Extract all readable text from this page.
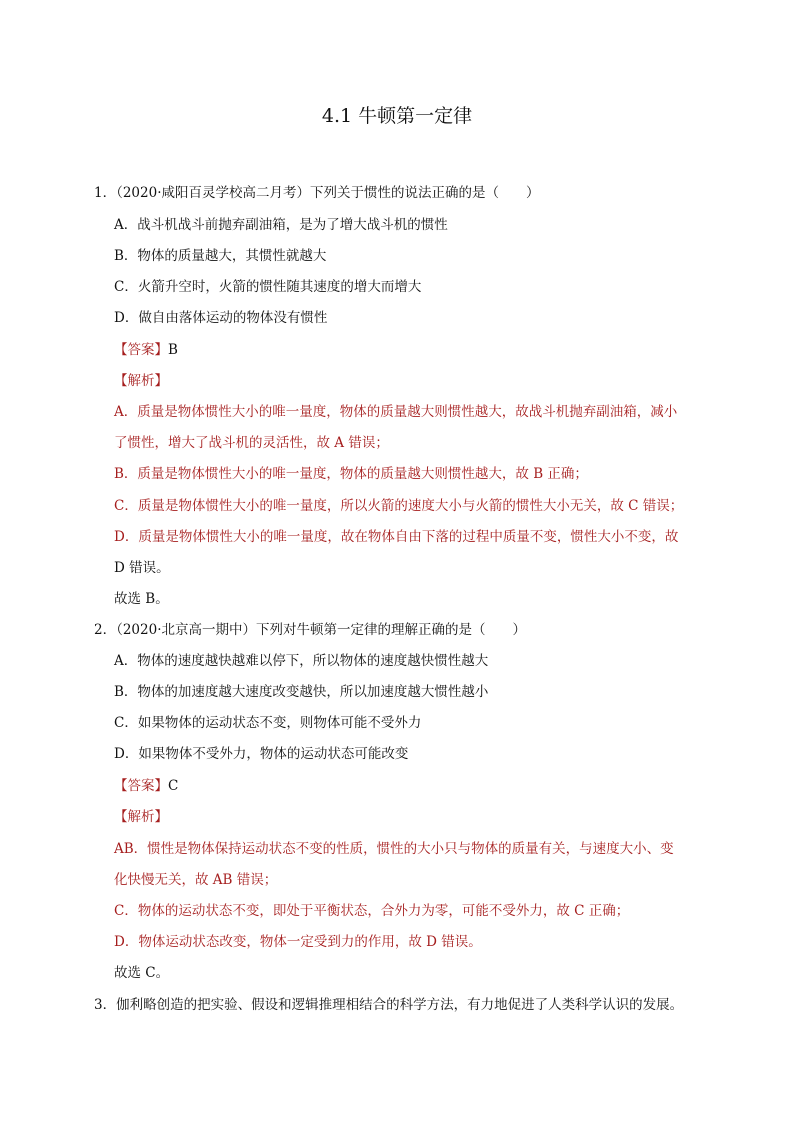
4.1 牛顿第一定律
1．（2020·咸阳百灵学校高二月考）下列关于惯性的说法正确的是（　　）
A．战斗机战斗前抛弃副油箱，是为了增大战斗机的惯性
B．物体的质量越大，其惯性就越大
C．火箭升空时，火箭的惯性随其速度的增大而增大
D．做自由落体运动的物体没有惯性
【答案】B
【解析】
A．质量是物体惯性大小的唯一量度，物体的质量越大则惯性越大，故战斗机抛弃副油箱，减小
了惯性，增大了战斗机的灵活性，故 A 错误；
B．质量是物体惯性大小的唯一量度，物体的质量越大则惯性越大，故 B 正确；
C．质量是物体惯性大小的唯一量度，所以火箭的速度大小与火箭的惯性大小无关，故 C 错误；
D．质量是物体惯性大小的唯一量度，故在物体自由下落的过程中质量不变，惯性大小不变，故
D 错误。
故选 B。
2．（2020·北京高一期中）下列对牛顿第一定律的理解正确的是（　　）
A．物体的速度越快越难以停下，所以物体的速度越快惯性越大
B．物体的加速度越大速度改变越快，所以加速度越大惯性越小
C．如果物体的运动状态不变，则物体可能不受外力
D．如果物体不受外力，物体的运动状态可能改变
【答案】C
【解析】
AB．惯性是物体保持运动状态不变的性质，惯性的大小只与物体的质量有关，与速度大小、变
化快慢无关，故 AB 错误；
C．物体的运动状态不变，即处于平衡状态，合外力为零，可能不受外力，故 C 正确；
D．物体运动状态改变，物体一定受到力的作用，故 D 错误。
故选 C。
3．伽利略创造的把实验、假设和逻辑推理相结合的科学方法，有力地促进了人类科学认识的发展。
